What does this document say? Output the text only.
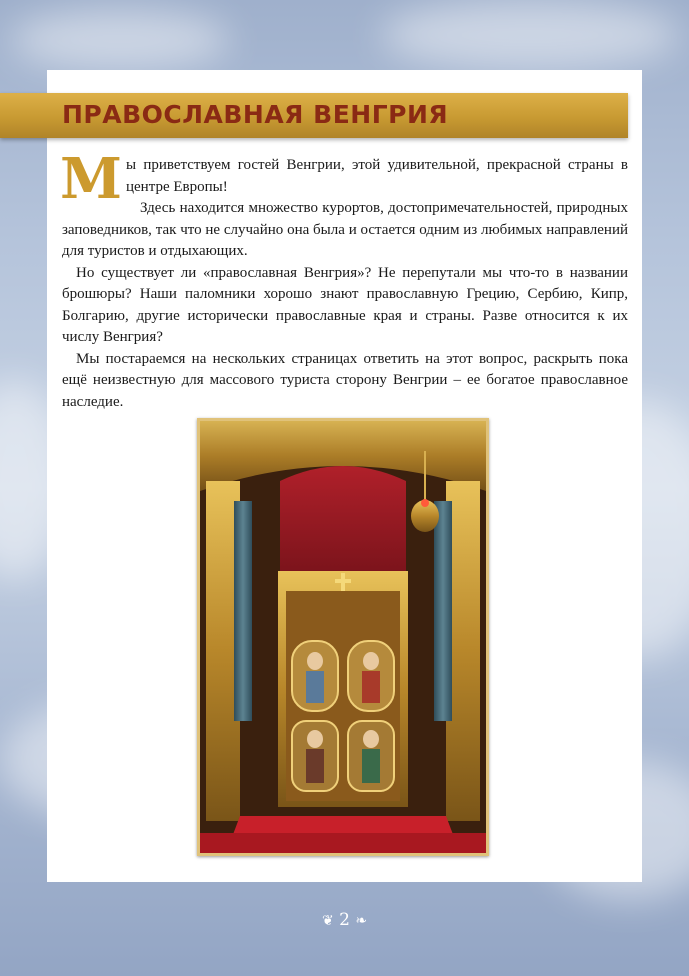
ПРАВОСЛАВНАЯ ВЕНГРИЯ

Мы приветствуем гостей Венгрии, этой удивительной, прекрасной страны в центре Европы!

Здесь находится множество курортов, достопримечательностей, природных заповедников, так что не случайно она была и остается одним из любимых направлений для туристов и отдыхающих.

Но существует ли «православная Венгрия»? Не перепутали мы что-то в названии брошюры? Наши паломники хорошо знают православную Грецию, Сербию, Кипр, Болгарию, другие исторически православные края и страны. Разве относится к их числу Венгрия?

Мы постараемся на нескольких страницах ответить на этот вопрос, раскрыть пока ещё неизвестную для массового туриста сторону Венгрии – ее богатое православное наследие.

❦ 2 ❧
